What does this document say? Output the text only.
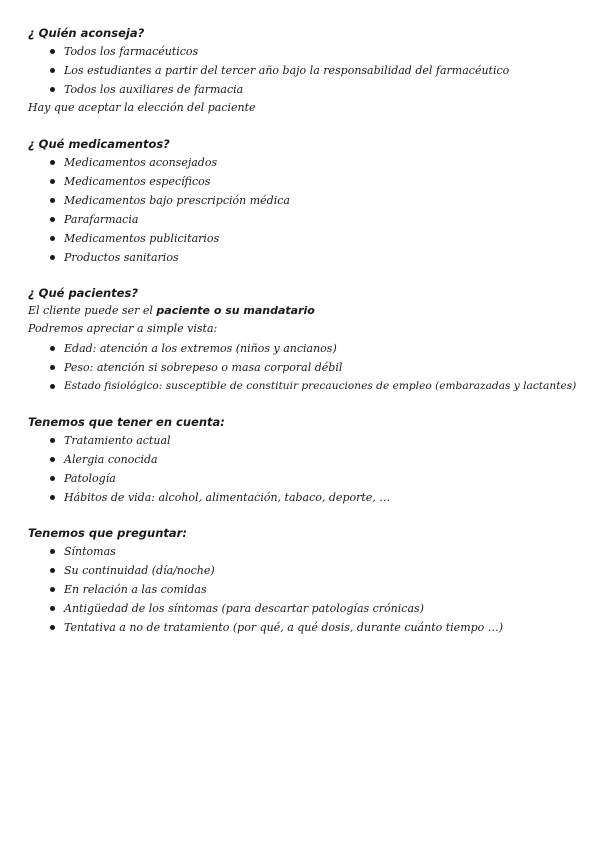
¿ Quién aconseja?

Todos los farmacéuticos
Los estudiantes a partir del tercer año bajo la responsabilidad del farmacéutico
Todos los auxiliares de farmacia

Hay que aceptar la elección del paciente

¿ Qué medicamentos?

Medicamentos aconsejados
Medicamentos específicos
Medicamentos bajo prescripción médica
Parafarmacia
Medicamentos publicitarios
Productos sanitarios

¿ Qué pacientes?

El cliente puede ser el paciente o su mandatario

Podremos apreciar a simple vista:

Edad: atención a los extremos (niños y ancianos)
Peso: atención si sobrepeso o masa corporal débil
Estado fisiológico: susceptible de constituir precauciones de empleo (embarazadas y lactantes)

Tenemos que tener en cuenta:

Tratamiento actual
Alergia conocida
Patología
Hábitos de vida: alcohol, alimentación, tabaco, deporte, …

Tenemos que preguntar:

Síntomas
Su continuidad (día/noche)
En relación a las comidas
Antigüedad de los síntomas (para descartar patologías crónicas)
Tentativa a no de tratamiento (por qué, a qué dosis, durante cuánto tiempo …)
